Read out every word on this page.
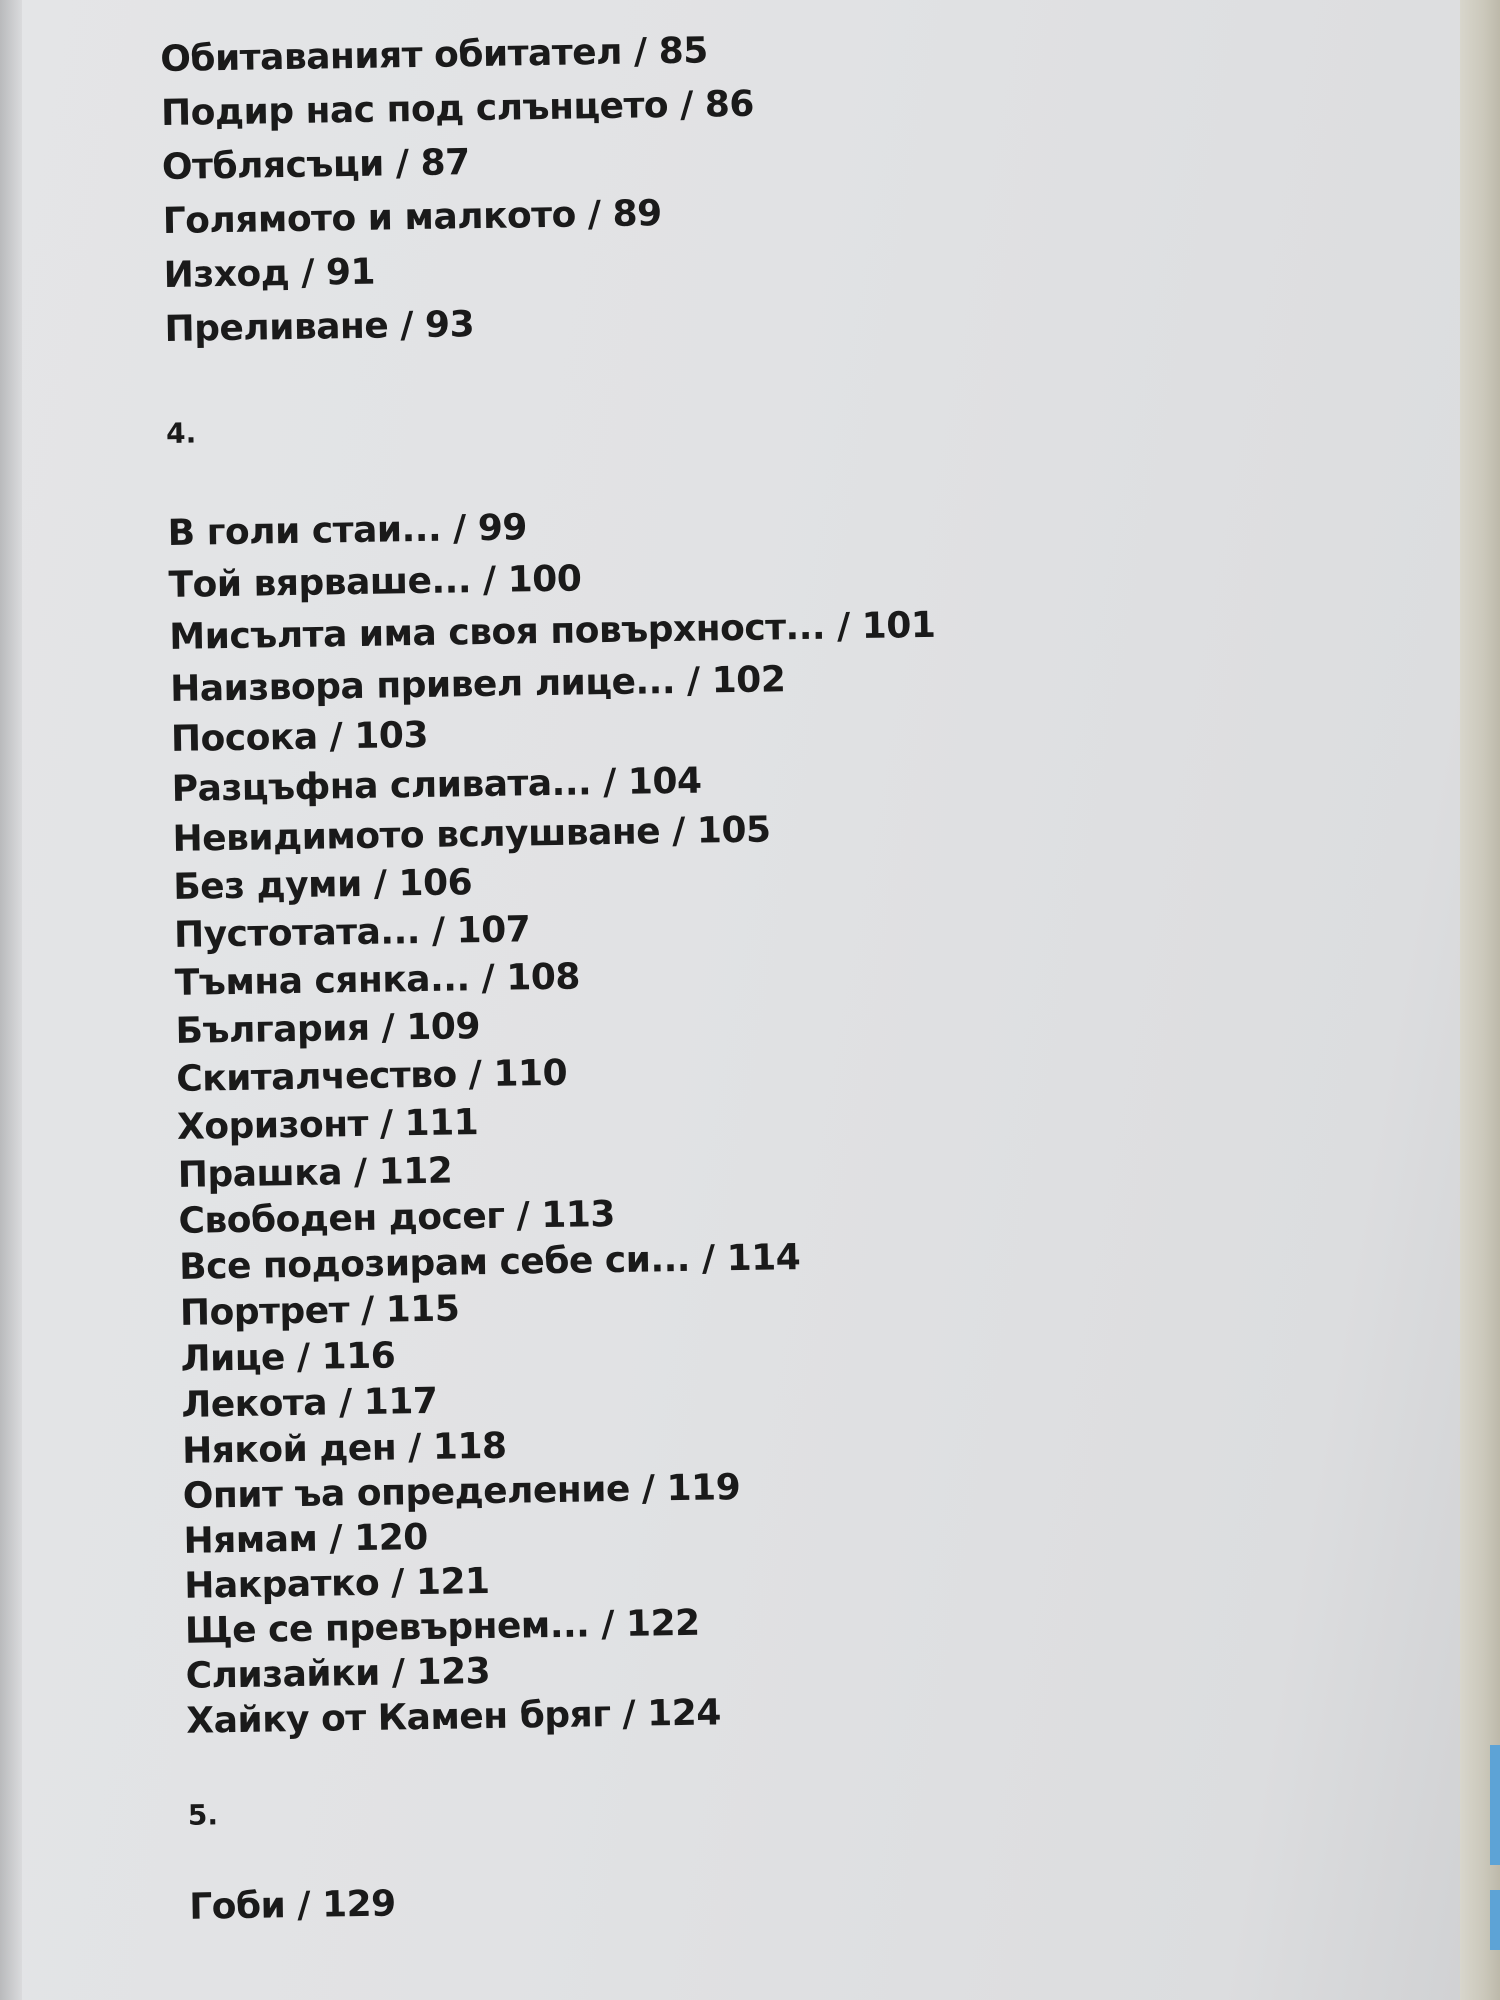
Обитаваният обитател / 85
Подир нас под слънцето / 86
Отблясъци / 87
Голямото и малкото / 89
Изход / 91
Преливане / 93
4.
В голи стаи... / 99
Той вярваше... / 100
Мисълта има своя повърхност... / 101
Наизвора привел лице... / 102
Посока / 103
Разцъфна сливата... / 104
Невидимото вслушване / 105
Без думи / 106
Пустотата... / 107
Тъмна сянка... / 108
България / 109
Скиталчество / 110
Хоризонт / 111
Прашка / 112
Свободен досег / 113
Все подозирам себе си... / 114
Портрет / 115
Лице / 116
Лекота / 117
Някой ден / 118
Опит ъа определение / 119
Нямам / 120
Накратко / 121
Ще се превърнем... / 122
Слизайки / 123
Хайку от Камен бряг / 124
5.
Гоби / 129
